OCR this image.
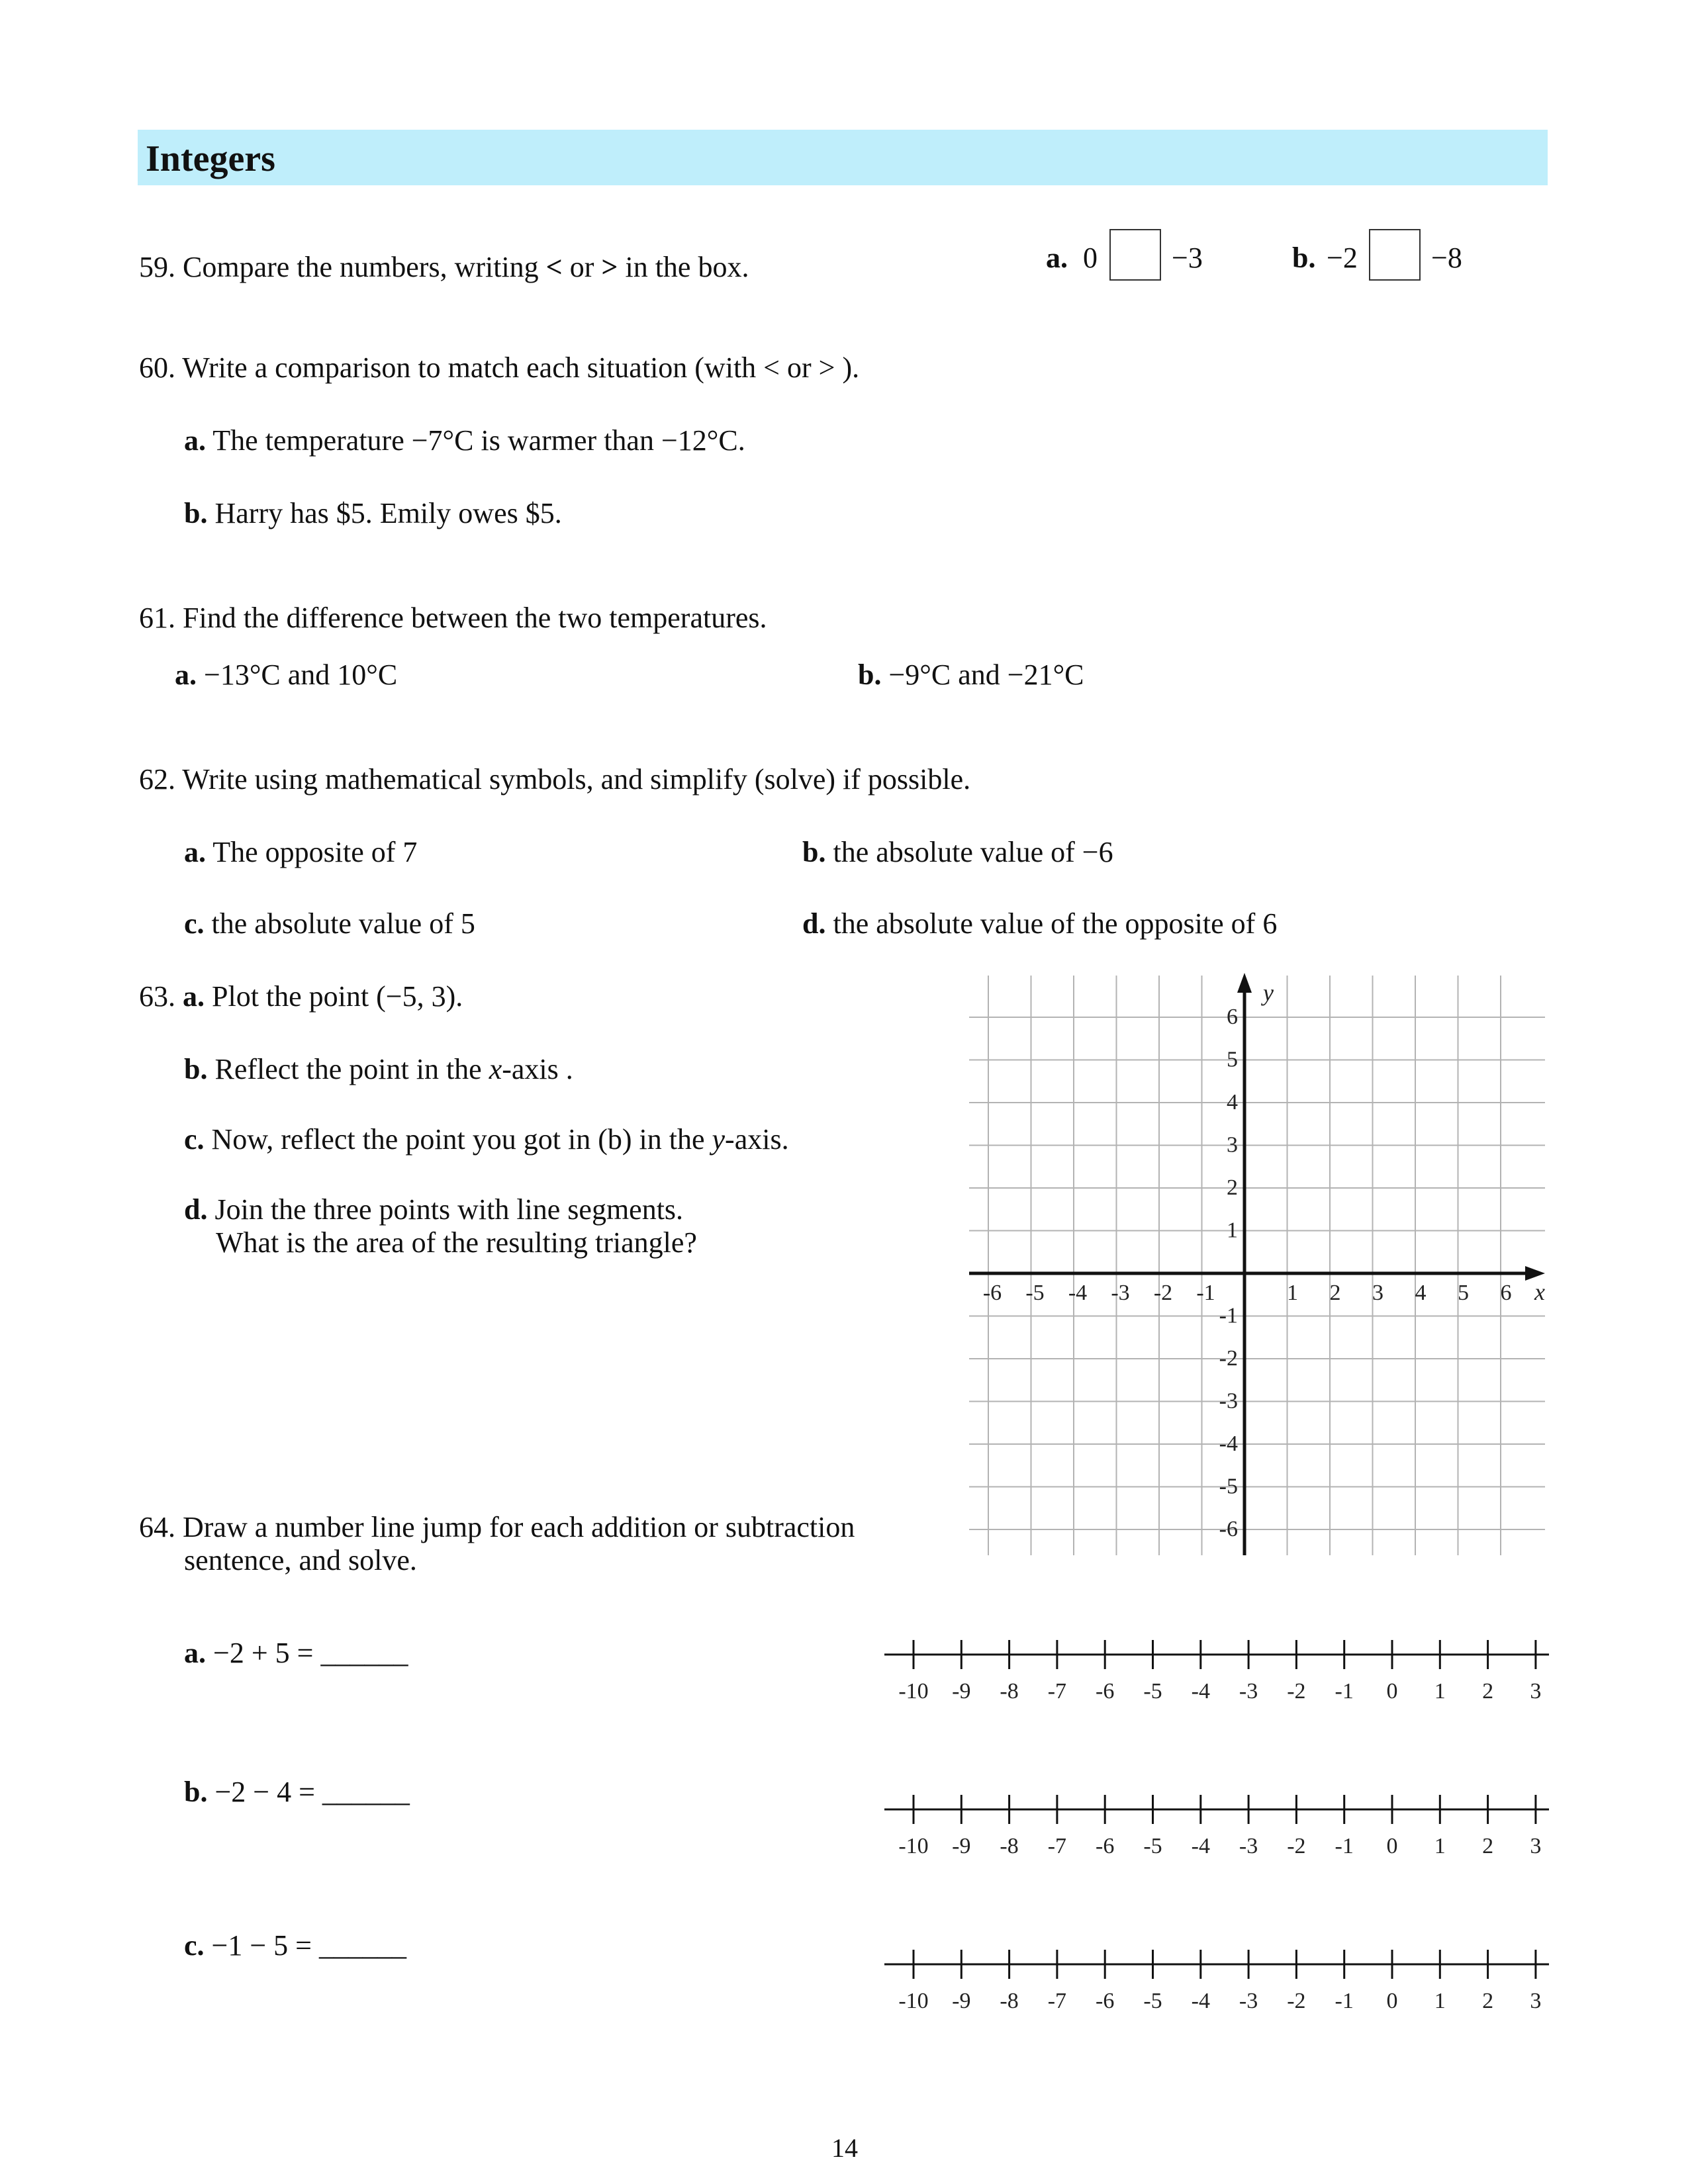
Integers
59. Compare the numbers, writing < or > in the box.	a. 0	−3	b. −2	−8
60. Write a comparison to match each situation (with < or > ).
a. The temperature −7°C is warmer than −12°C.
b. Harry has $5. Emily owes $5.
61. Find the difference between the two temperatures.
a. −13°C and 10°C	b. −9°C and −21°C
62. Write using mathematical symbols, and simplify (solve) if possible.
a. The opposite of 7	b. the absolute value of −6
c. the absolute value of 5	d. the absolute value of the opposite of 6
63. a. Plot the point (−5, 3).
b. Reflect the point in the x-axis .
c. Now, reflect the point you got in (b) in the y-axis.
d. Join the three points with line segments.
What is the area of the resulting triangle?
64. Draw a number line jump for each addition or subtraction
sentence, and solve.
a. −2 + 5 = ______
b. −2 − 4 = ______
c. −1 − 5 = ______
14
-6 -5 -4 -3 -2 -1	1 2 3 4 5 6
1
2
3
4
5
6
-1
-2
-3
-4
-5
-6
x
y
-10 -9 -8 -7 -6 -5 -4 -3 -2 -1 0 1 2 3
-10 -9 -8 -7 -6 -5 -4 -3 -2 -1 0 1 2 3
-10 -9 -8 -7 -6 -5 -4 -3 -2 -1 0 1 2 3
